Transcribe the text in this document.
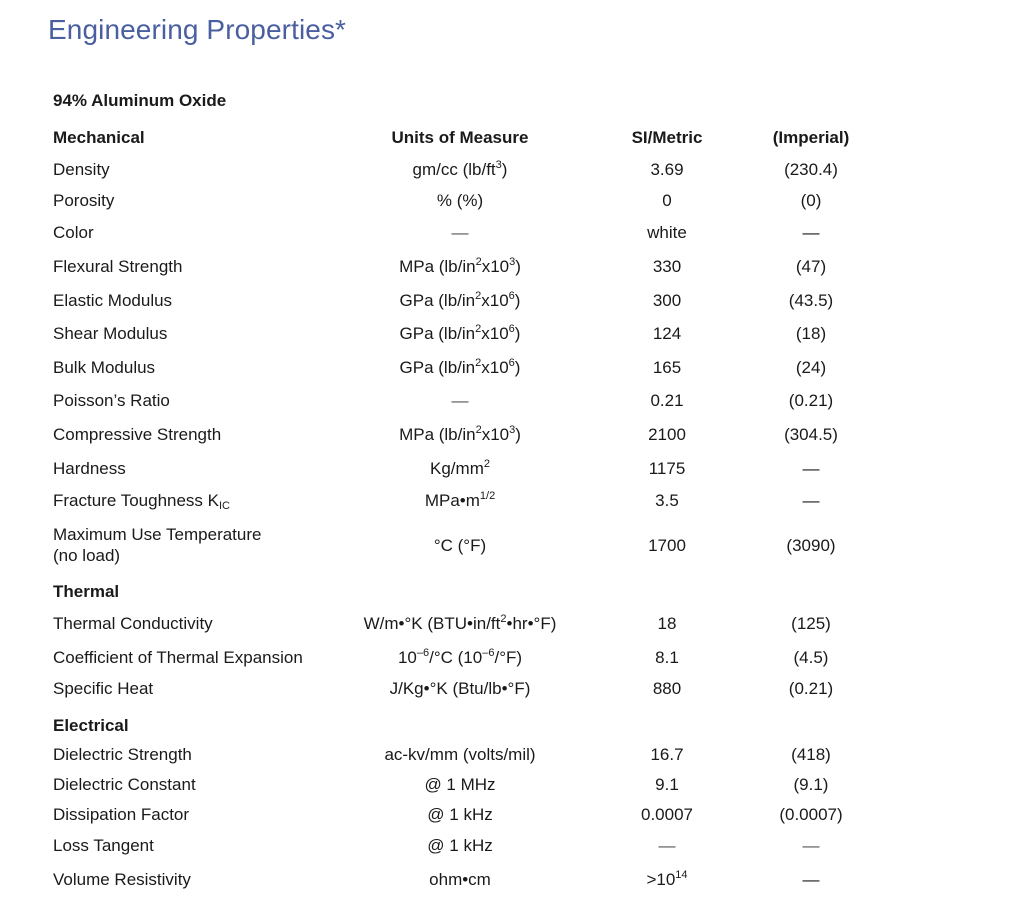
Engineering Properties*
94% Aluminum Oxide
Mechanical	Units of Measure	SI/Metric	(Imperial)
Density	gm/cc $(lb/ft^3)$	3.69	(230.4)
Porosity	% (%)	0	(0)
Color	—	white	—
Flexural Strength	MPa $(lb/in^2x10^3)$	330	(47)
Elastic Modulus	GPa $(lb/in^2x10^6)$	300	(43.5)
Shear Modulus	GPa $(lb/in^2x10^6)$	124	(18)
Bulk Modulus	GPa $(lb/in^2x10^6)$	165	(24)
Poisson’s Ratio	—	0.21	(0.21)
Compressive Strength	MPa $(lb/in^2x10^3)$	2100	(304.5)
Hardness	$Kg/mm^2$	1175	—
Fracture Toughness $K_{IC}$	$MPa•m^{1/2}$	3.5	—
Maximum Use Temperature
(no load)
°C (°F)	1700	(3090)
Thermal
Thermal Conductivity	W/m•°K $(BTU•in/ft^2•hr•^\circ F)$	18	(125)
Coefficient of Thermal Expansion	$10^{-6}/^\circ C$ $(10^{-6}/^\circ F)$	8.1	(4.5)
Specific Heat	J/Kg•°K (Btu/lb•°F)	880	(0.21)
Electrical
Dielectric Strength	ac-kv/mm (volts/mil)	16.7	(418)
Dielectric Constant	@ 1 MHz	9.1	(9.1)
Dissipation Factor	@ 1 kHz	0.0007	(0.0007)
Loss Tangent	@ 1 kHz	—	—
Volume Resistivity	ohm•cm	$>10^{14}$	—
